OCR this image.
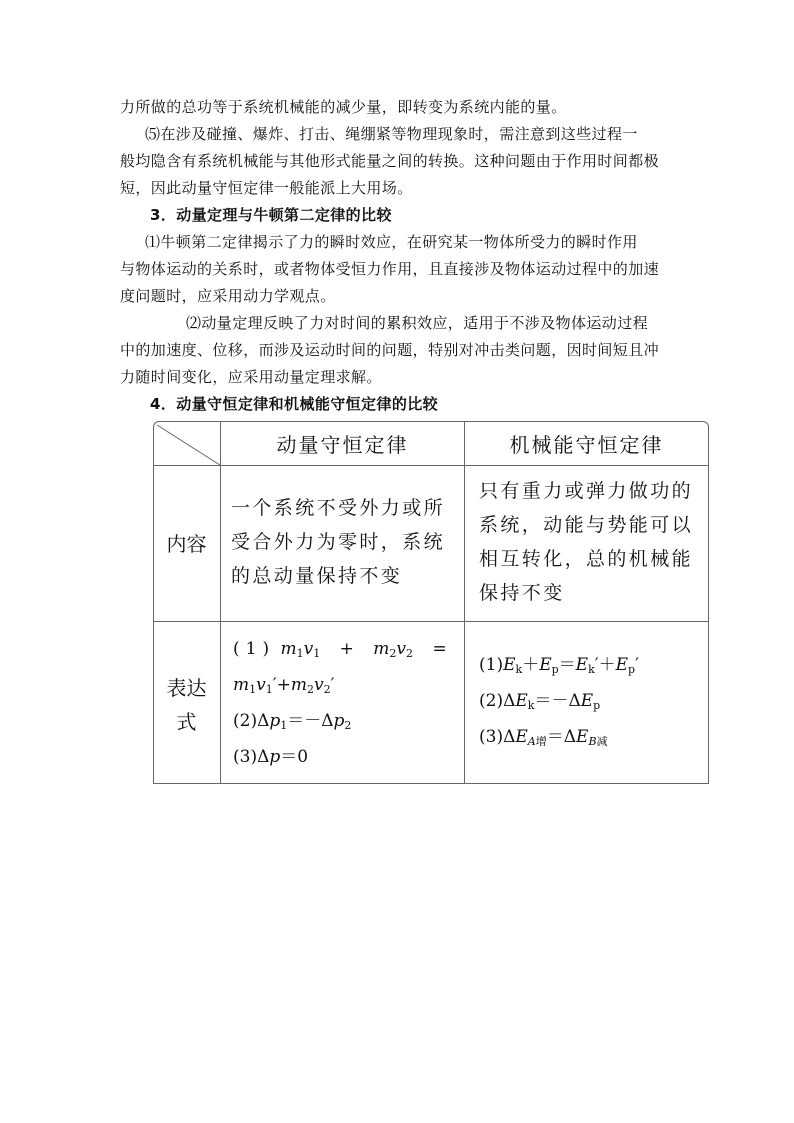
力所做的总功等于系统机械能的减少量，即转变为系统内能的量。
⑸在涉及碰撞、爆炸、打击、绳绷紧等物理现象时，需注意到这些过程一
般均隐含有系统机械能与其他形式能量之间的转换。这种问题由于作用时间都极
短，因此动量守恒定律一般能派上大用场。
3．动量定理与牛顿第二定律的比较
⑴牛顿第二定律揭示了力的瞬时效应，在研究某一物体所受力的瞬时作用
与物体运动的关系时，或者物体受恒力作用，且直接涉及物体运动过程中的加速
度问题时，应采用动力学观点。
⑵动量定理反映了力对时间的累积效应，适用于不涉及物体运动过程
中的加速度、位移，而涉及运动时间的问题，特别对冲击类问题，因时间短且冲
力随时间变化，应采用动量定理求解。
4．动量守恒定律和机械能守恒定律的比较
动量守恒定律	机械能守恒定律
内容
一个系统不受外力或所受合外力为零时，系统的总动量保持不变
只有重力或弹力做功的系统，动能与势能可以相互转化，总的机械能保持不变
表达
式
(1) $m_1v_1 + m_2v_2$ =
$m_1v_1'+m_2v_2'$
$(2)\Delta p_1=-\Delta p_2$
(3)Δp＝0
$(1)E_k+E_p=E_k'+E_p'$
$(2)\Delta E_k=-\Delta E_p$
$(3)\Delta E_{A增}=\Delta E_{B减}$
